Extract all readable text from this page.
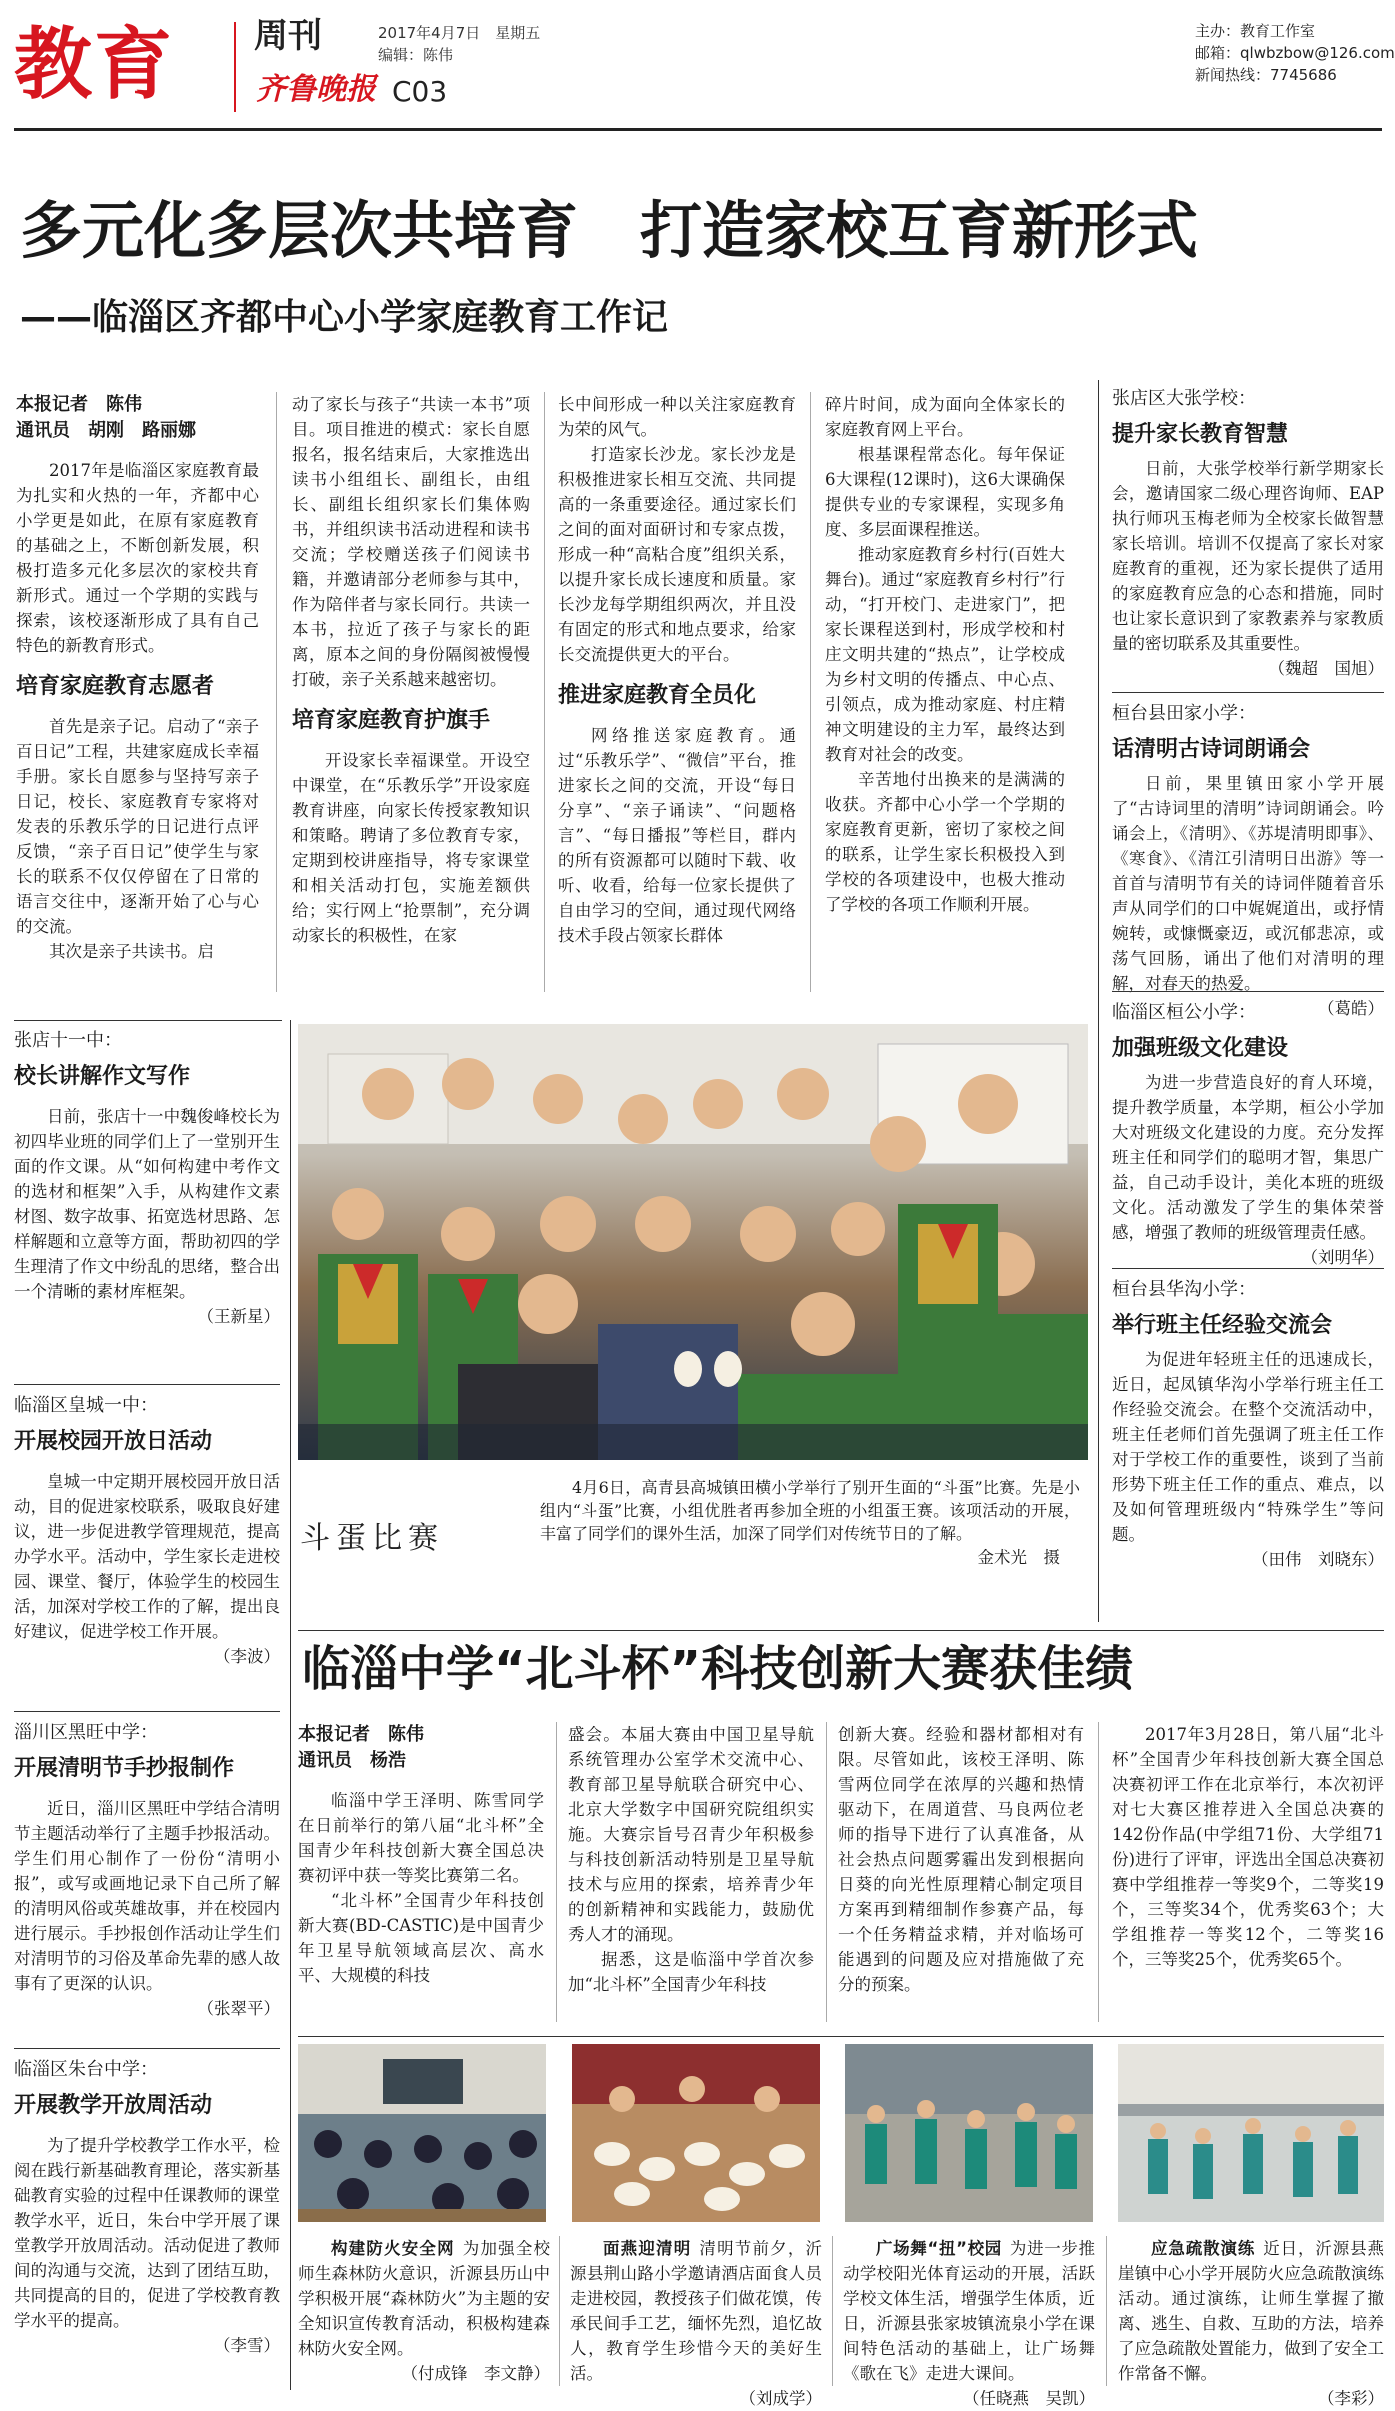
教育 周刊	2017年4月7日　星期五
编辑：陈伟
齐鲁晚报 C03
主办：教育工作室
邮箱：qlwbzbow@126.com
新闻热线：7745686
多元化多层次共培育　打造家校互育新形式
——临淄区齐都中心小学家庭教育工作记
本报记者　陈伟
通讯员　胡刚　路丽娜

2017年是临淄区家庭教育最为扎实和火热的一年，齐都中心小学更是如此，在原有家庭教育的基础之上，不断创新发展，积极打造多元化多层次的家校共育新形式。通过一个学期的实践与探索，该校逐渐形成了具有自己特色的新教育形式。

培育家庭教育志愿者

首先是亲子记。启动了“亲子百日记”工程，共建家庭成长幸福手册。家长自愿参与坚持写亲子日记，校长、家庭教育专家将对发表的乐教乐学的日记进行点评反馈，“亲子百日记”使学生与家长的联系不仅仅停留在了日常的语言交往中，逐渐开始了心与心的交流。

其次是亲子共读书。启

动了家长与孩子“共读一本书”项目。项目推进的模式：家长自愿报名，报名结束后，大家推选出读书小组组长、副组长，由组长、副组长组织家长们集体购书，并组织读书活动进程和读书交流；学校赠送孩子们阅读书籍，并邀请部分老师参与其中，作为陪伴者与家长同行。共读一本书，拉近了孩子与家长的距离，原本之间的身份隔阂被慢慢打破，亲子关系越来越密切。

培育家庭教育护旗手

开设家长幸福课堂。开设空中课堂，在“乐教乐学”开设家庭教育讲座，向家长传授家教知识和策略。聘请了多位教育专家，定期到校讲座指导，将专家课堂和相关活动打包，实施差额供给；实行网上“抢票制”，充分调动家长的积极性，在家

长中间形成一种以关注家庭教育为荣的风气。

打造家长沙龙。家长沙龙是积极推进家长相互交流、共同提高的一条重要途径。通过家长们之间的面对面研讨和专家点拨，形成一种“高粘合度”组织关系，以提升家长成长速度和质量。家长沙龙每学期组织两次，并且没有固定的形式和地点要求，给家长交流提供更大的平台。

推进家庭教育全员化

网络推送家庭教育。通过“乐教乐学”、“微信”平台，推进家长之间的交流，开设“每日分享”、“亲子诵读”、“问题格言”、“每日播报”等栏目，群内的所有资源都可以随时下载、收听、收看，给每一位家长提供了自由学习的空间，通过现代网络技术手段占领家长群体

碎片时间，成为面向全体家长的家庭教育网上平台。

根基课程常态化。每年保证6大课程(12课时)，这6大课确保提供专业的专家课程，实现多角度、多层面课程推送。

推动家庭教育乡村行(百姓大舞台)。通过“家庭教育乡村行”行动，“打开校门、走进家门”，把家长课程送到村，形成学校和村庄文明共建的“热点”，让学校成为乡村文明的传播点、中心点、引领点，成为推动家庭、村庄精神文明建设的主力军，最终达到教育对社会的改变。

辛苦地付出换来的是满满的收获。齐都中心小学一个学期的家庭教育更新，密切了家校之间的联系，让学生家长积极投入到学校的各项建设中，也极大推动了学校的各项工作顺利开展。

张店区大张学校：
提升家长教育智慧

日前，大张学校举行新学期家长会，邀请国家二级心理咨询师、EAP执行师巩玉梅老师为全校家长做智慧家长培训。培训不仅提高了家长对家庭教育的重视，还为家长提供了适用的家庭教育应急的心态和措施，同时也让家长意识到了家教素养与家教质量的密切联系及其重要性。

（魏超　国旭）
桓台县田家小学：
话清明古诗词朗诵会

日前，果里镇田家小学开展了“古诗词里的清明”诗词朗诵会。吟诵会上，《清明》、《苏堤清明即事》、《寒食》、《清江引清明日出游》等一首首与清明节有关的诗词伴随着音乐声从同学们的口中娓娓道出，或抒情婉转，或慷慨豪迈，或沉郁悲凉，或荡气回肠，诵出了他们对清明的理解，对春天的热爱。

（葛皓）
临淄区桓公小学：
加强班级文化建设

为进一步营造良好的育人环境，提升教学质量，本学期，桓公小学加大对班级文化建设的力度。充分发挥班主任和同学们的聪明才智，集思广益，自己动手设计，美化本班的班级文化。活动激发了学生的集体荣誉感，增强了教师的班级管理责任感。

（刘明华）
桓台县华沟小学：
举行班主任经验交流会

为促进年轻班主任的迅速成长，近日，起凤镇华沟小学举行班主任工作经验交流会。在整个交流活动中，班主任老师们首先强调了班主任工作对于学校工作的重要性，谈到了当前形势下班主任工作的重点、难点，以及如何管理班级内“特殊学生”等问题。

（田伟　刘晓东）
张店十一中：
校长讲解作文写作

日前，张店十一中魏俊峰校长为初四毕业班的同学们上了一堂别开生面的作文课。从“如何构建中考作文的选材和框架”入手，从构建作文素材图、数字故事、拓宽选材思路、怎样解题和立意等方面，帮助初四的学生理清了作文中纷乱的思绪，整合出一个清晰的素材库框架。

（王新星）
临淄区皇城一中：
开展校园开放日活动

皇城一中定期开展校园开放日活动，目的促进家校联系，吸取良好建议，进一步促进教学管理规范，提高办学水平。活动中，学生家长走进校园、课堂、餐厅，体验学生的校园生活，加深对学校工作的了解，提出良好建议，促进学校工作开展。

（李波）
淄川区黑旺中学：
开展清明节手抄报制作

近日，淄川区黑旺中学结合清明节主题活动举行了主题手抄报活动。学生们用心制作了一份份“清明小报”，或写或画地记录下自己所了解的清明风俗或英雄故事，并在校园内进行展示。手抄报创作活动让学生们对清明节的习俗及革命先辈的感人故事有了更深的认识。

（张翠平）
临淄区朱台中学：
开展教学开放周活动

为了提升学校教学工作水平，检阅在践行新基础教育理论，落实新基础教育实验的过程中任课教师的课堂教学水平，近日，朱台中学开展了课堂教学开放周活动。活动促进了教师间的沟通与交流，达到了团结互助，共同提高的目的，促进了学校教育教学水平的提高。

（李雪）
斗蛋比赛

4月6日，高青县高城镇田横小学举行了别开生面的“斗蛋”比赛。先是小组内“斗蛋”比赛，小组优胜者再参加全班的小组蛋王赛。该项活动的开展，丰富了同学们的课外生活，加深了同学们对传统节日的了解。

金术光　摄
临淄中学“北斗杯”科技创新大赛获佳绩
本报记者　陈伟
通讯员　杨浩

临淄中学王泽明、陈雪同学在日前举行的第八届“北斗杯”全国青少年科技创新大赛全国总决赛初评中获一等奖比赛第二名。

“北斗杯”全国青少年科技创新大赛(BD-CASTIC)是中国青少年卫星导航领域高层次、高水平、大规模的科技

盛会。本届大赛由中国卫星导航系统管理办公室学术交流中心、教育部卫星导航联合研究中心、北京大学数字中国研究院组织实施。大赛宗旨号召青少年积极参与科技创新活动特别是卫星导航技术与应用的探索，培养青少年的创新精神和实践能力，鼓励优秀人才的涌现。

据悉，这是临淄中学首次参加“北斗杯”全国青少年科技

创新大赛。经验和器材都相对有限。尽管如此，该校王泽明、陈雪两位同学在浓厚的兴趣和热情驱动下，在周道营、马良两位老师的指导下进行了认真准备，从社会热点问题雾霾出发到根据向日葵的向光性原理精心制定项目方案再到精细制作参赛产品，每一个任务精益求精，并对临场可能遇到的问题及应对措施做了充分的预案。

2017年3月28日，第八届“北斗杯”全国青少年科技创新大赛全国总决赛初评工作在北京举行，本次初评对七大赛区推荐进入全国总决赛的142份作品(中学组71份、大学组71份)进行了评审，评选出全国总决赛初赛中学组推荐一等奖9个，二等奖19个，三等奖34个，优秀奖63个；大学组推荐一等奖12个，二等奖16个，三等奖25个，优秀奖65个。

构建防火安全网 为加强全校师生森林防火意识，沂源县历山中学积极开展“森林防火”为主题的安全知识宣传教育活动，积极构建森林防火安全网。

（付成锋　李文静）

面燕迎清明 清明节前夕，沂源县荆山路小学邀请酒店面食人员走进校园，教授孩子们做花馍，传承民间手工艺，缅怀先烈，追忆故人，教育学生珍惜今天的美好生活。

（刘成学）

广场舞“扭”校园 为进一步推动学校阳光体育运动的开展，活跃学校文体生活，增强学生体质，近日，沂源县张家坡镇流泉小学在课间特色活动的基础上，让广场舞《歌在飞》走进大课间。

（任晓燕　吴凯）

应急疏散演练 近日，沂源县燕崖镇中心小学开展防火应急疏散演练活动。通过演练，让师生掌握了撤离、逃生、自救、互助的方法，培养了应急疏散处置能力，做到了安全工作常备不懈。

（李彩）
